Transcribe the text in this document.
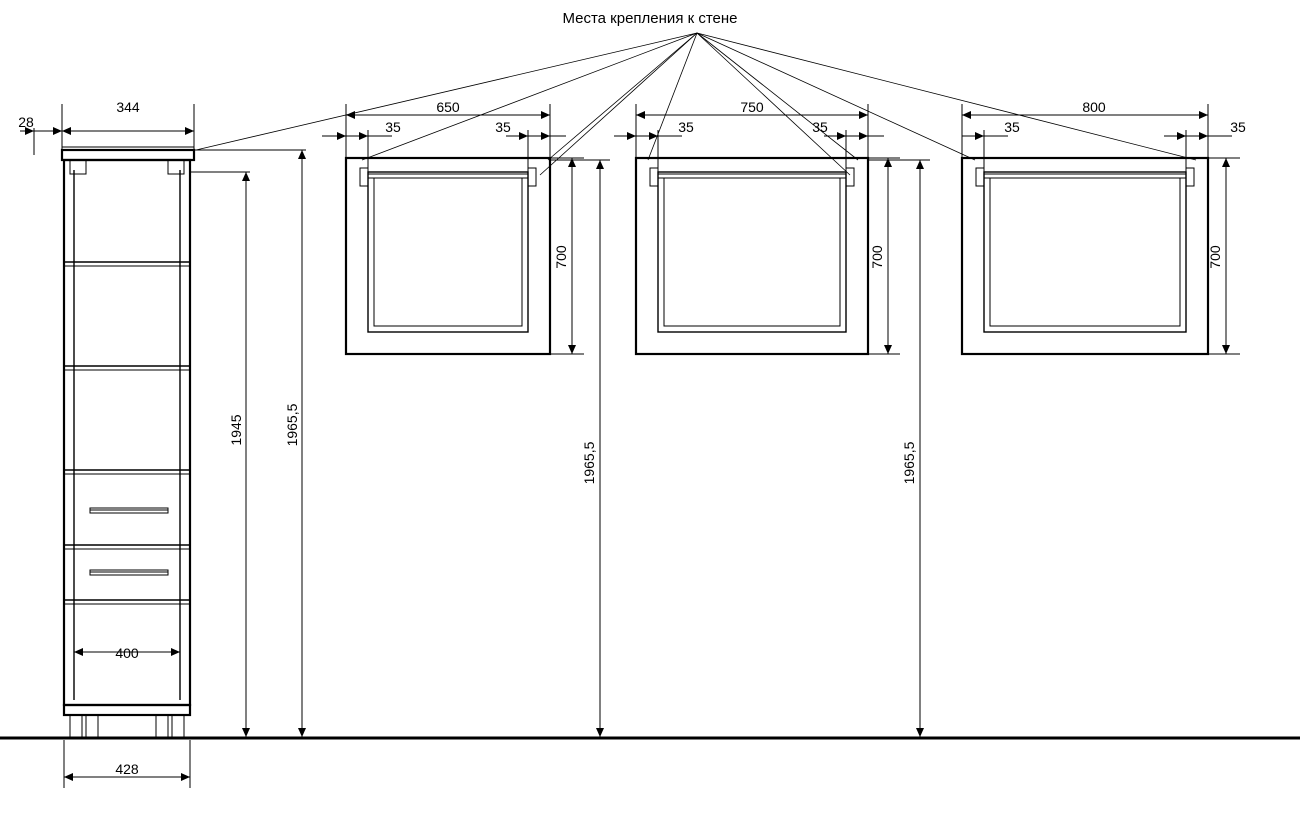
28
344
400
428
1945	1965,5
650
35	35
700
1965,5
750
35	35
700
1965,5
800
35	35
700
Места крепления к стене
